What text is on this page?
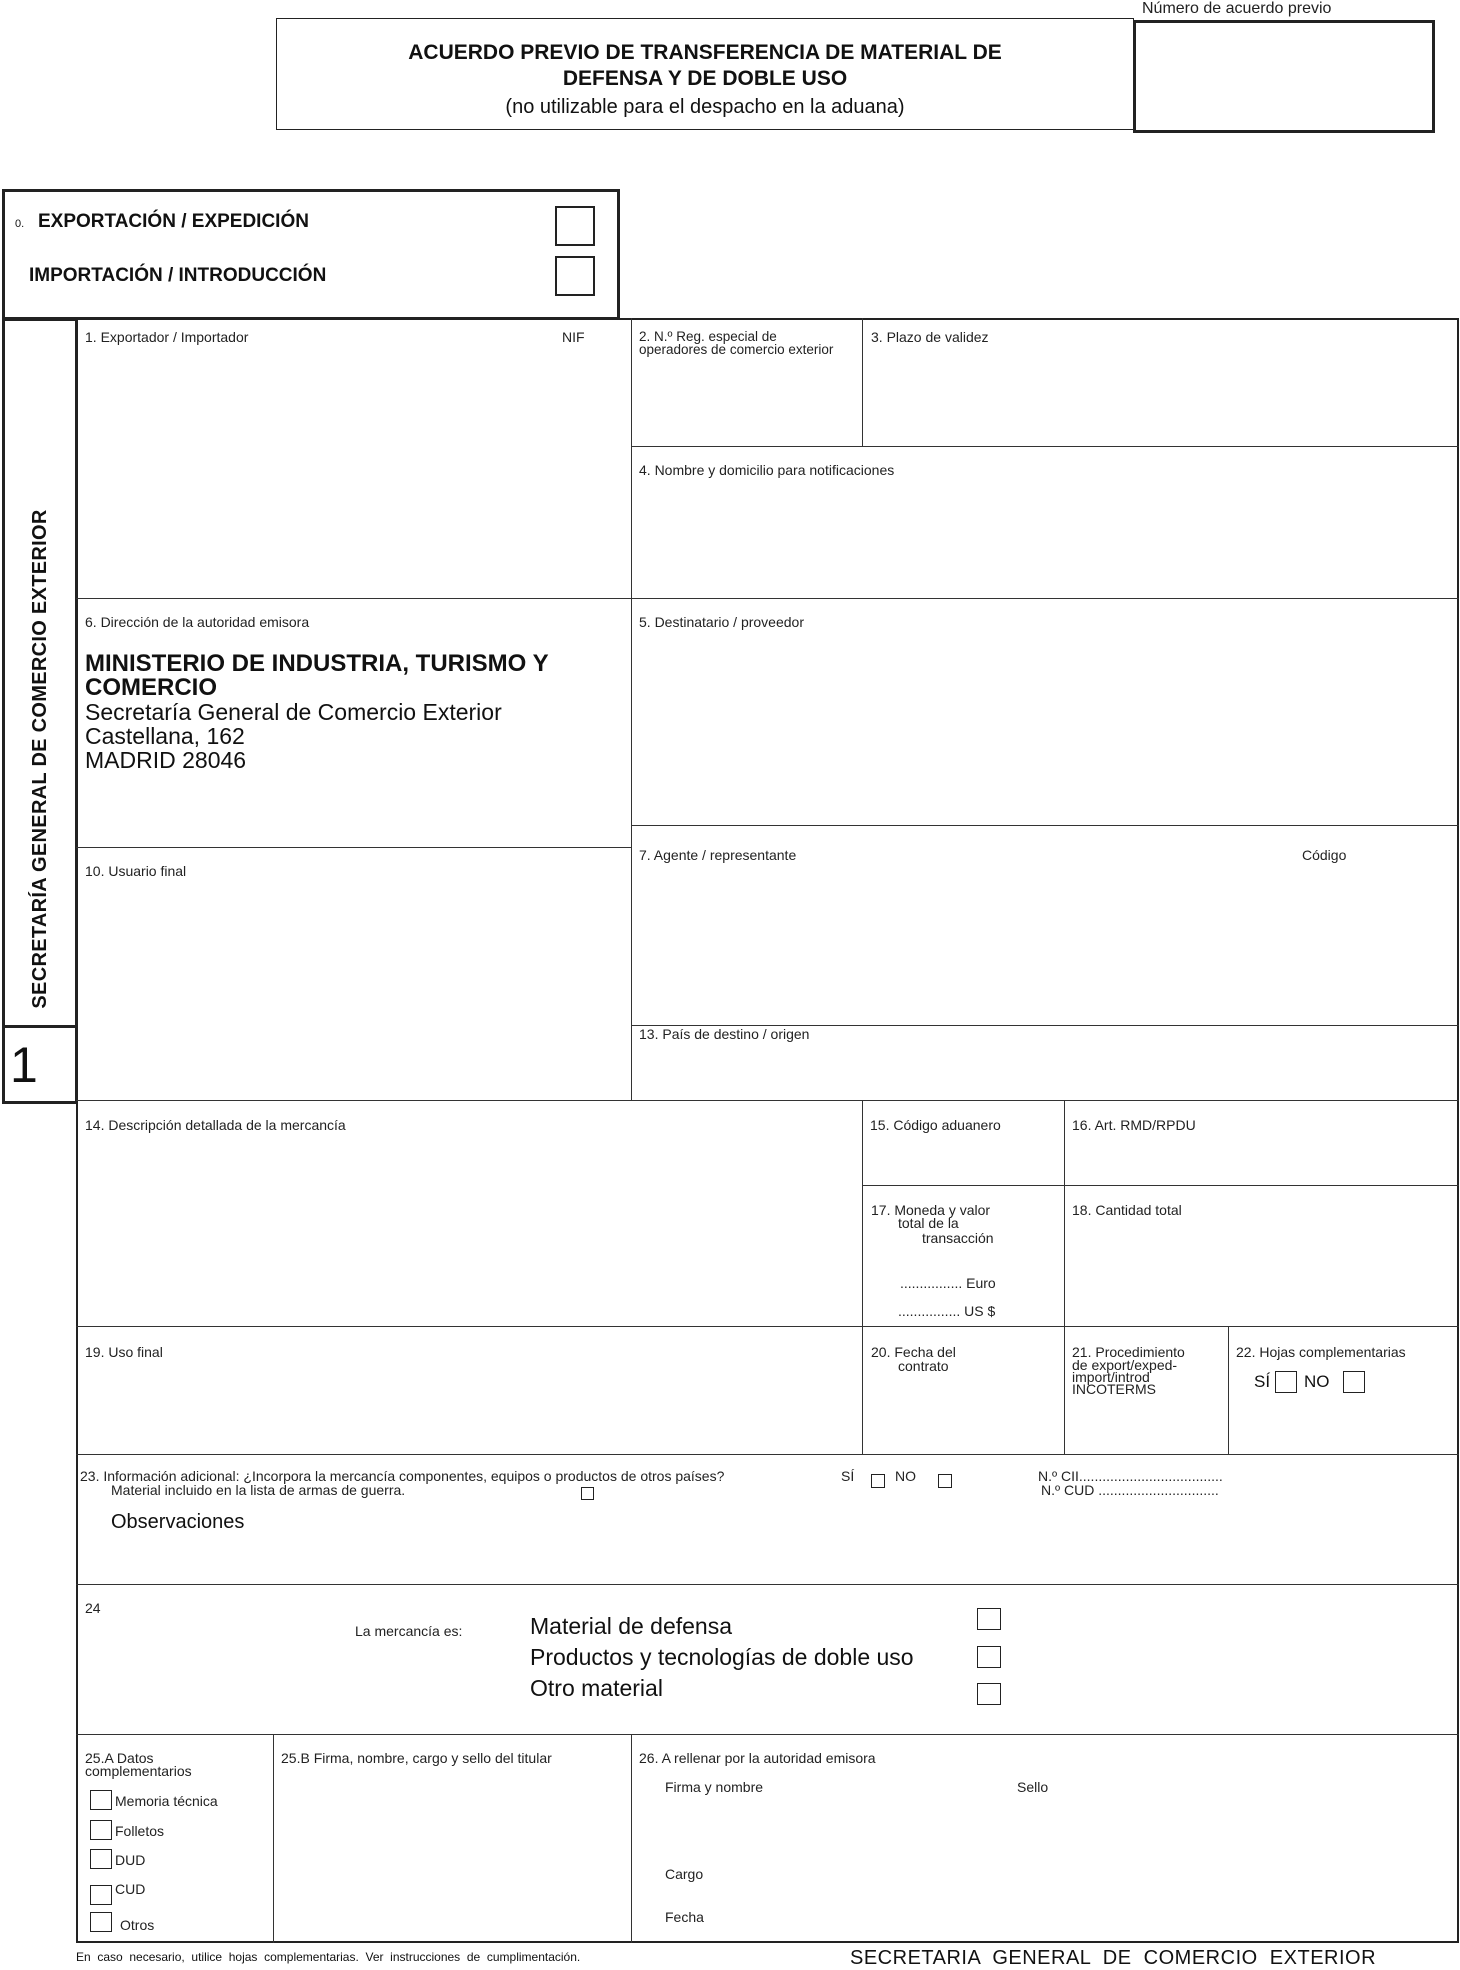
Número de acuerdo previo
ACUERDO PREVIO DE TRANSFERENCIA DE MATERIAL DE
DEFENSA Y DE DOBLE USO
(no utilizable para el despacho en la aduana)
0. EXPORTACIÓN / EXPEDICIÓN
IMPORTACIÓN / INTRODUCCIÓN
SECRETARÍA GENERAL DE COMERCIO EXTERIOR
1
1. Exportador / Importador	NIF	2. N.º Reg. especial de operadores de comercio exterior
3. Plazo de validez
4. Nombre y domicilio para notificaciones
6. Dirección de la autoridad emisora
MINISTERIO DE INDUSTRIA, TURISMO Y
COMERCIO
Secretaría General de Comercio Exterior
Castellana, 162
MADRID 28046
5. Destinatario / proveedor
10. Usuario final
7. Agente / representante	Código
13. País de destino / origen
14. Descripción detallada de la mercancía	15. Código aduanero	16. Art. RMD/RPDU
17. Moneda y valor
total de la
transacción
................ Euro
................ US $
18. Cantidad total
19. Uso final	20. Fecha del
contrato
21. Procedimiento
de export/exped-
import/introd
INCOTERMS
22. Hojas complementarias
SÍ NO
23. Información adicional: ¿Incorpora la mercancía componentes, equipos o productos de otros países?	SÍ	NO	N.º CII.....................................
Material incluido en la lista de armas de guerra.	N.º CUD ...............................
Observaciones
24
La mercancía es:	Material de defensa
Productos y tecnologías de doble uso
Otro material
25.A Datos
complementarios
Memoria técnica
Folletos
DUD
CUD
Otros
25.B Firma, nombre, cargo y sello del titular	26. A rellenar por la autoridad emisora
Firma y nombre	Sello
Cargo
Fecha
En  caso  necesario,  utilice  hojas  complementarias.  Ver  instrucciones  de  cumplimentación.	SECRETARIA  GENERAL  DE  COMERCIO  EXTERIOR
